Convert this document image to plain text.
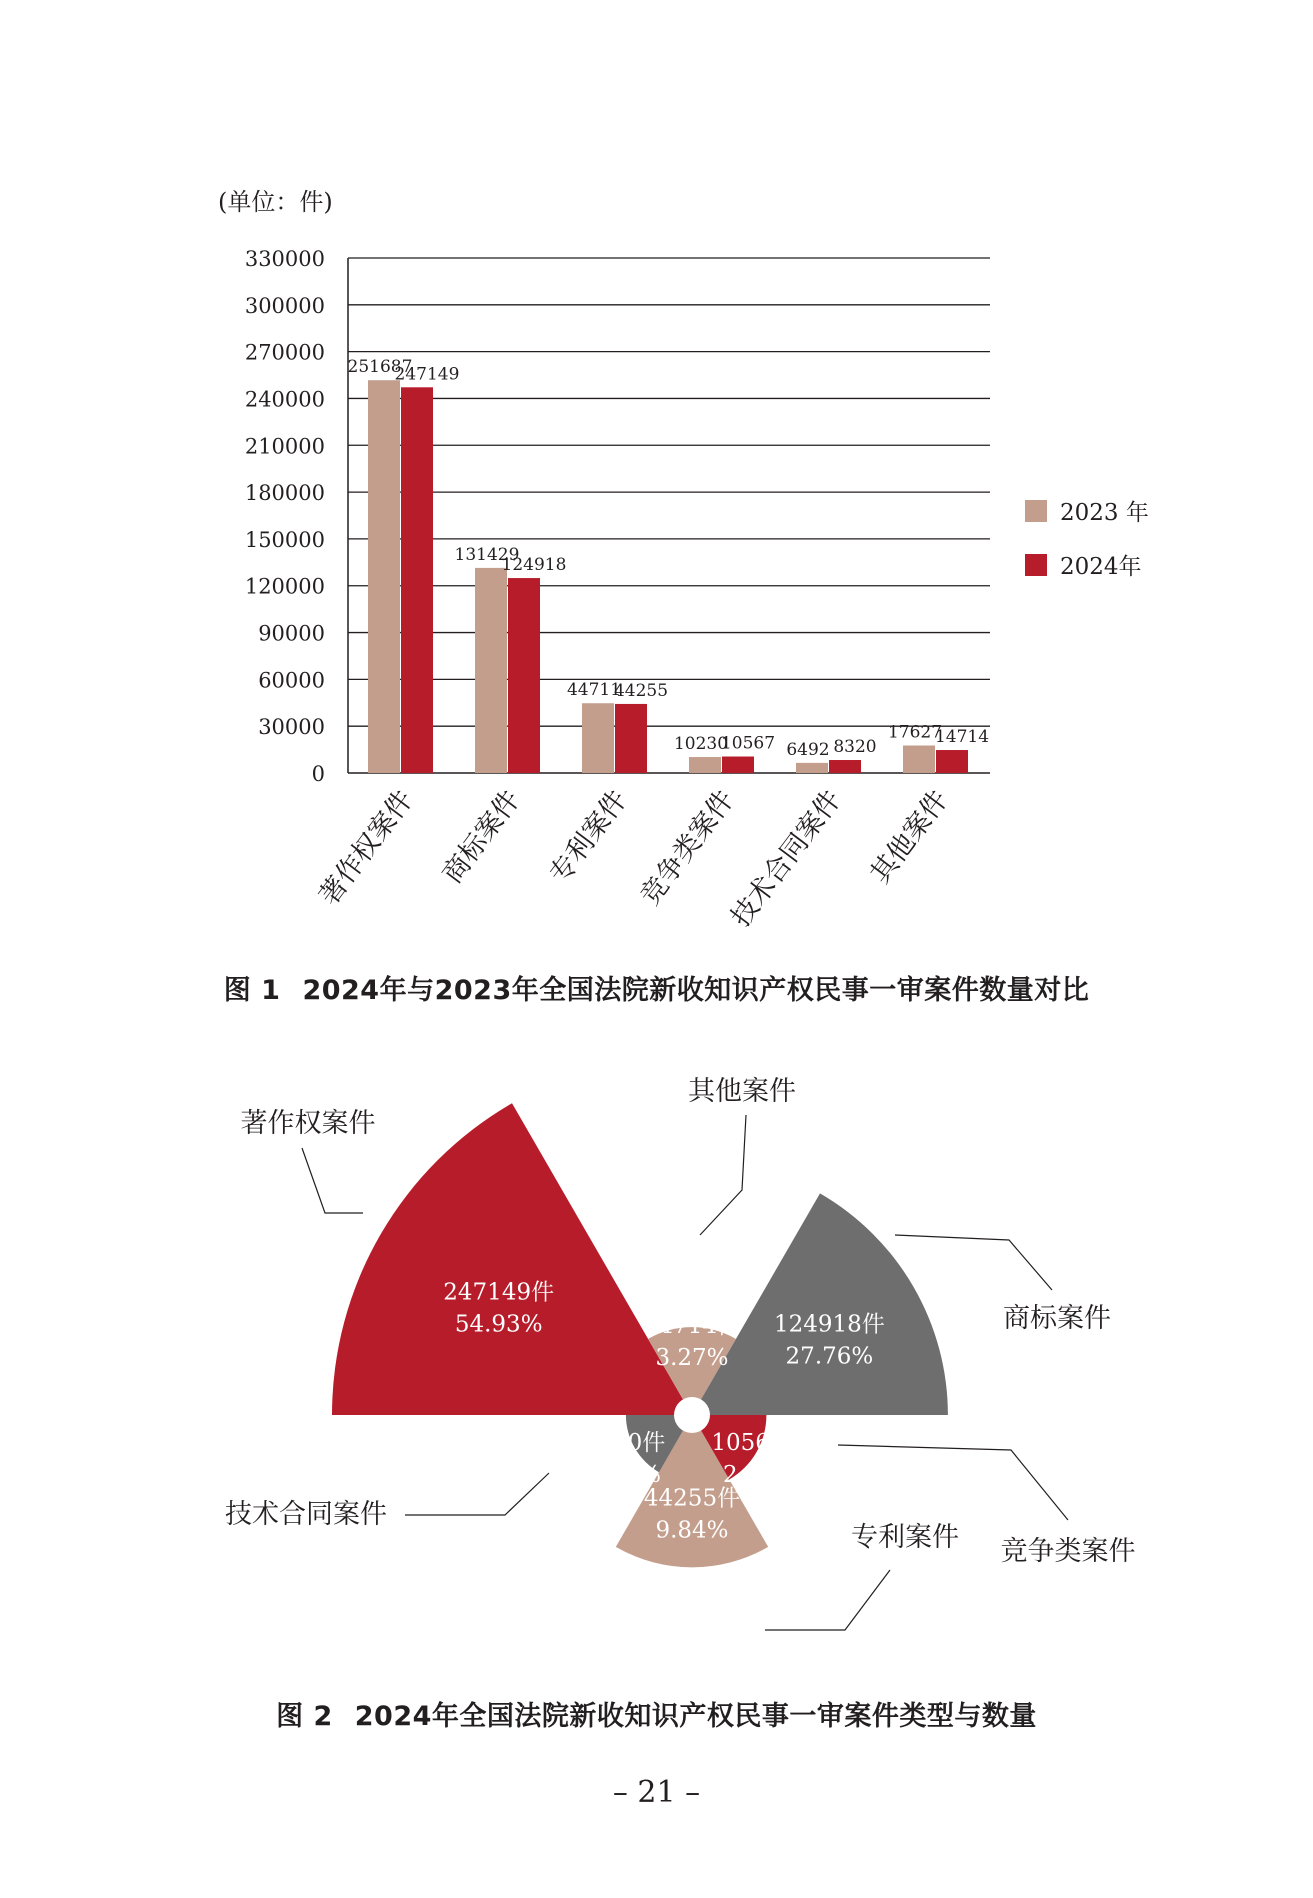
(单位：件)
0
30000
60000
90000
120000
150000
180000
210000
240000
270000
300000
330000
251687
247149
131429
124918
44711
44255
10230
10567 6492 8320
17627
14714
著作权案件 商标案件 专利案件 竞争类案件
技术合同案件 其他案件
2023 年
2024年
图 1 2024年与2023年全国法院新收知识产权民事一审案件数量对比
著作权案件
其他案件
商标案件
竞争类案件
专利案件
技术合同案件
247149件
54.93%	14714件
3.27%
124918件
27.76%
10567件
2.35%
44255件
9.84%
8320件
1.85%
图 2 2024年全国法院新收知识产权民事一审案件类型与数量
– 21 –
